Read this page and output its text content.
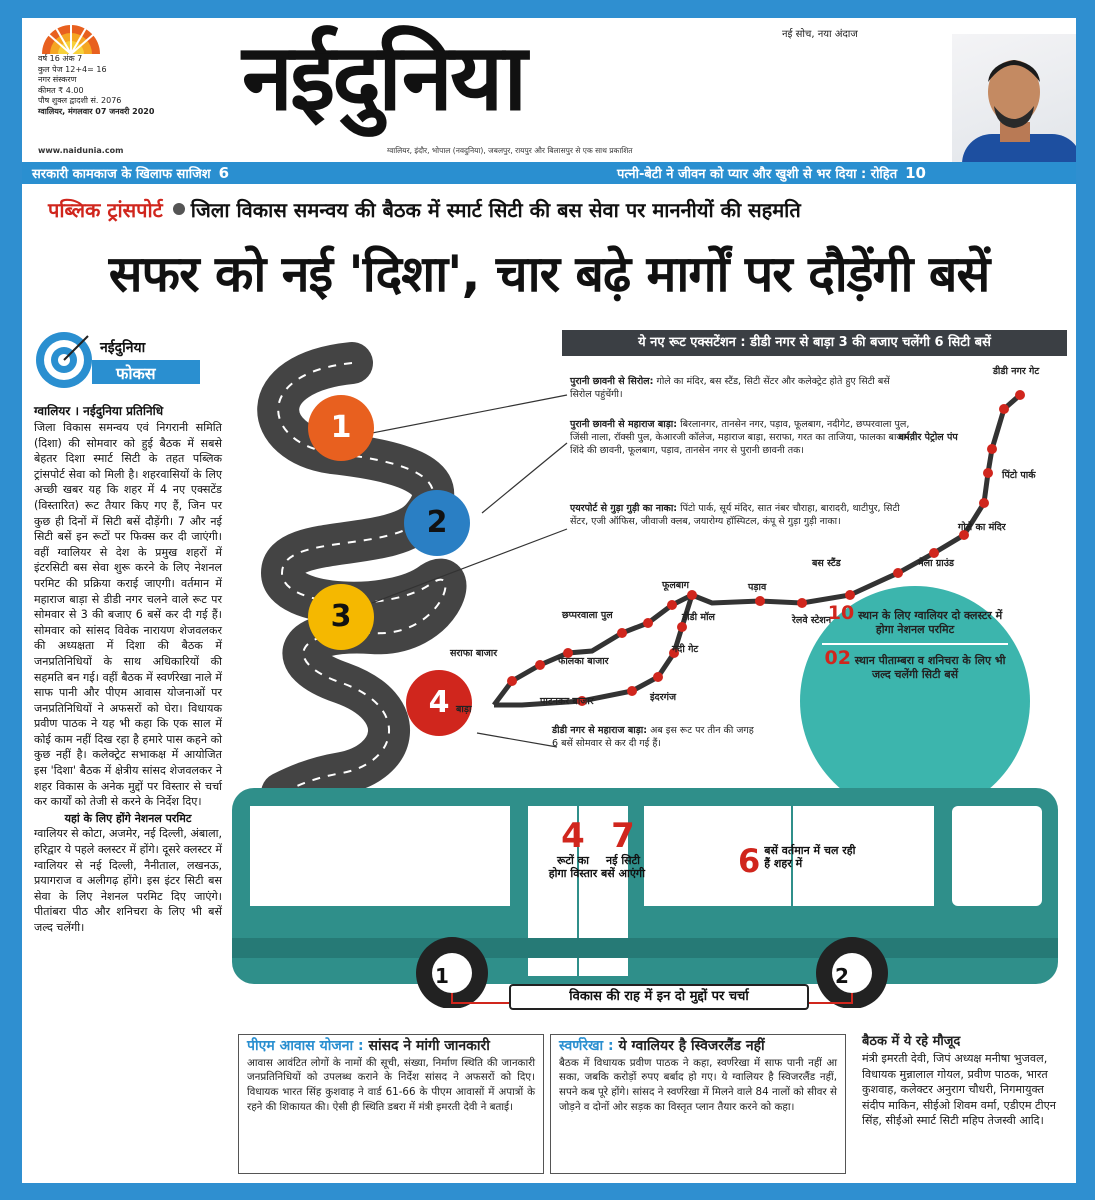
वर्ष 16 अंक 7
कुल पेज 12+4= 16
नगर संस्करण
कीमत ₹ 4.00
पौष शुक्ल द्वादशी सं. 2076
ग्वालियर, मंगलवार 07 जनवरी 2020 नईदुनिया	नई सोच, नया अंदाज
www.naidunia.com	ग्वालियर, इंदौर, भोपाल (नवदुनिया), जबलपुर, रायपुर और बिलासपुर से एक साथ प्रकाशित
सरकारी कामकाज के खिलाफ साजिश 6	पत्नी-बेटी ने जीवन को प्यार और खुशी से भर दिया : रोहित 10
पब्लिक ट्रांसपोर्ट जिला विकास समन्वय की बैठक में स्मार्ट सिटी की बस सेवा पर माननीयों की सहमति
सफर को नई 'दिशा', चार बढ़े मार्गों पर दौड़ेंगी बसें
नईदुनिया
फोकस
ग्वालियर । नईदुनिया प्रतिनिधि

जिला विकास समन्वय एवं निगरानी समिति (दिशा) की सोमवार को हुई बैठक में सबसे बेहतर दिशा स्मार्ट सिटी के तहत पब्लिक ट्रांसपोर्ट सेवा को मिली है। शहरवासियों के लिए अच्छी खबर यह कि शहर में 4 नए एक्सटेंड (विस्तारित) रूट तैयार किए गए हैं, जिन पर कुछ ही दिनों में सिटी बसें दौड़ेंगी। 7 और नई सिटी बसें इन रूटों पर फिक्स कर दी जाएंगी। वहीं ग्वालियर से देश के प्रमुख शहरों में इंटरसिटी बस सेवा शुरू करने के लिए नेशनल परमिट की प्रक्रिया कराई जाएगी। वर्तमान में महाराज बाड़ा से डीडी नगर चलने वाले रूट पर सोमवार से 3 की बजाए 6 बसें कर दी गई हैं। सोमवार को सांसद विवेक नारायण शेजवलकर की अध्यक्षता में दिशा की बैठक में जनप्रतिनिधियों के साथ अधिकारियों की सहमति बन गई। वहीं बैठक में स्वर्णरेखा नाले में साफ पानी और पीएम आवास योजनाओं पर जनप्रतिनिधियों ने अफसरों को घेरा। विधायक प्रवीण पाठक ने यह भी कहा कि एक साल में कोई काम नहीं दिख रहा है हमारे पास कहने को कुछ नहीं है। कलेक्ट्रेट सभाकक्ष में आयोजित इस 'दिशा' बैठक में क्षेत्रीय सांसद शेजवलकर ने शहर विकास के अनेक मुद्दों पर विस्तार से चर्चा कर कार्यों को तेजी से करने के निर्देश दिए।

यहां के लिए होंगे नेशनल परमिट

ग्वालियर से कोटा, अजमेर, नई दिल्ली, अंबाला, हरिद्वार ये पहले क्लस्टर में होंगे। दूसरे क्लस्टर में ग्वालियर से नई दिल्ली, नैनीताल, लखनऊ, प्रयागराज व अलीगढ़ होंगे। इस इंटर सिटी बस सेवा के लिए नेशनल परमिट दिए जाएंगे। पीतांबरा पीठ और शनिचरा के लिए भी बसें जल्द चलेंगी।

ये नए रूट एक्सटेंशन : डीडी नगर से बाड़ा 3 की बजाए चलेंगी 6 सिटी बसें
1
2
3
4
पुरानी छावनी से सिरोल: गोले का मंदिर, बस स्टैंड, सिटी सेंटर और कलेक्ट्रेट होते हुए सिटी बसें सिरोल पहुंचेंगी।
पुरानी छावनी से महाराज बाड़ा: बिरलानगर, तानसेन नगर, पड़ाव, फूलबाग, नदीगेट, छप्परवाला पुल, जिंसी नाला, रॉक्सी पुल, केआरजी कॉलेज, महाराज बाड़ा, सराफा, गरत का ताजिया, फालका बाजार, शिंदे की छावनी, फूलबाग, पड़ाव, तानसेन नगर से पुरानी छावनी तक।
एयरपोर्ट से गुड़ा गुड़ी का नाका: पिंटो पार्क, सूर्य मंदिर, सात नंबर चौराहा, बारादरी, थाटीपुर, सिटी सेंटर, एजी ऑफिस, जीवाजी क्लब, जयारोग्य हॉस्पिटल, कंपू से गुड़ा गुड़ी नाका।
डीडी नगर से महाराज बाड़ा: अब इस रूट पर तीन की जगह 6 बसें सोमवार से कर दी गई हैं।
डीडी नगर गेट
धर्मवीर पेट्रोल पंप
पिंटो पार्क
गोले का मंदिर
मेला ग्राउंड
बस स्टैंड
पड़ाव
रेलवे स्टेशन
फूलबाग
डीडी मॉल
नदी गेट
छप्परवाला पुल
फालका बाजार
सराफा बाजार
इंदरगंज
पाटनकर बाजार
बाड़ा
10 स्थान के लिए ग्वालियर दो क्लस्टर में होगा नेशनल परमिट
02 स्थान पीताम्बरा व शनिचरा के लिए भी जल्द चलेंगी सिटी बसें
4
रूटों का होगा विस्तार
7
नई सिटी बसें आएंगी	6 बसें वर्तमान में चल रही हैं शहर में
1	2
विकास की राह में इन दो मुद्दों पर चर्चा
पीएम आवास योजना : सांसद ने मांगी जानकारी
आवास आवंटित लोगों के नामों की सूची, संख्या, निर्माण स्थिति की जानकारी जनप्रतिनिधियों को उपलब्ध कराने के निर्देश सांसद ने अफसरों को दिए। विधायक भारत सिंह कुशवाह ने वार्ड 61-66 के पीएम आवासों में अपात्रों के रहने की शिकायत की। ऐसी ही स्थिति डबरा में मंत्री इमरती देवी ने बताई।
स्वर्णरेखा : ये ग्वालियर है स्विजरलैंड नहीं
बैठक में विधायक प्रवीण पाठक ने कहा, स्वर्णरेखा में साफ पानी नहीं आ सका, जबकि करोड़ों रुपए बर्बाद हो गए। ये ग्वालियर है स्विजरलैंड नहीं, सपने कब पूरे होंगे। सांसद ने स्वर्णरेखा में मिलने वाले 84 नालों को सीवर से जोड़ने व दोनों ओर सड़क का विस्तृत प्लान तैयार करने को कहा।
बैठक में ये रहे मौजूद
मंत्री इमरती देवी, जिपं अध्यक्ष मनीषा भुजवल, विधायक मुन्नालाल गोयल, प्रवीण पाठक, भारत कुशवाह, कलेक्टर अनुराग चौधरी, निगमायुक्त संदीप माकिन, सीईओ शिवम वर्मा, एडीएम टीएन सिंह, सीईओ स्मार्ट सिटी महिप तेजस्वी आदि।
